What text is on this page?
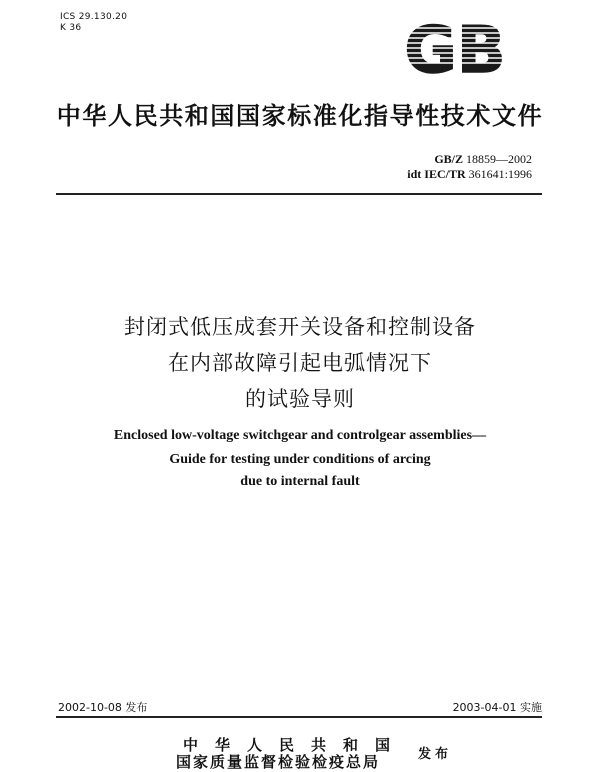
ICS 29.130.20
K 36	GB
中华人民共和国国家标准化指导性技术文件
GB/Z 18859—2002
idt IEC/TR 361641:1996
封闭式低压成套开关设备和控制设备
在内部故障引起电弧情况下
的试验导则
Enclosed low-voltage switchgear and controlgear assemblies—
Guide for testing under conditions of arcing
due to internal fault
2002-10-08 发布	2003-04-01 实施
中华人民共和国
国家质量监督检验检疫总局	发布
